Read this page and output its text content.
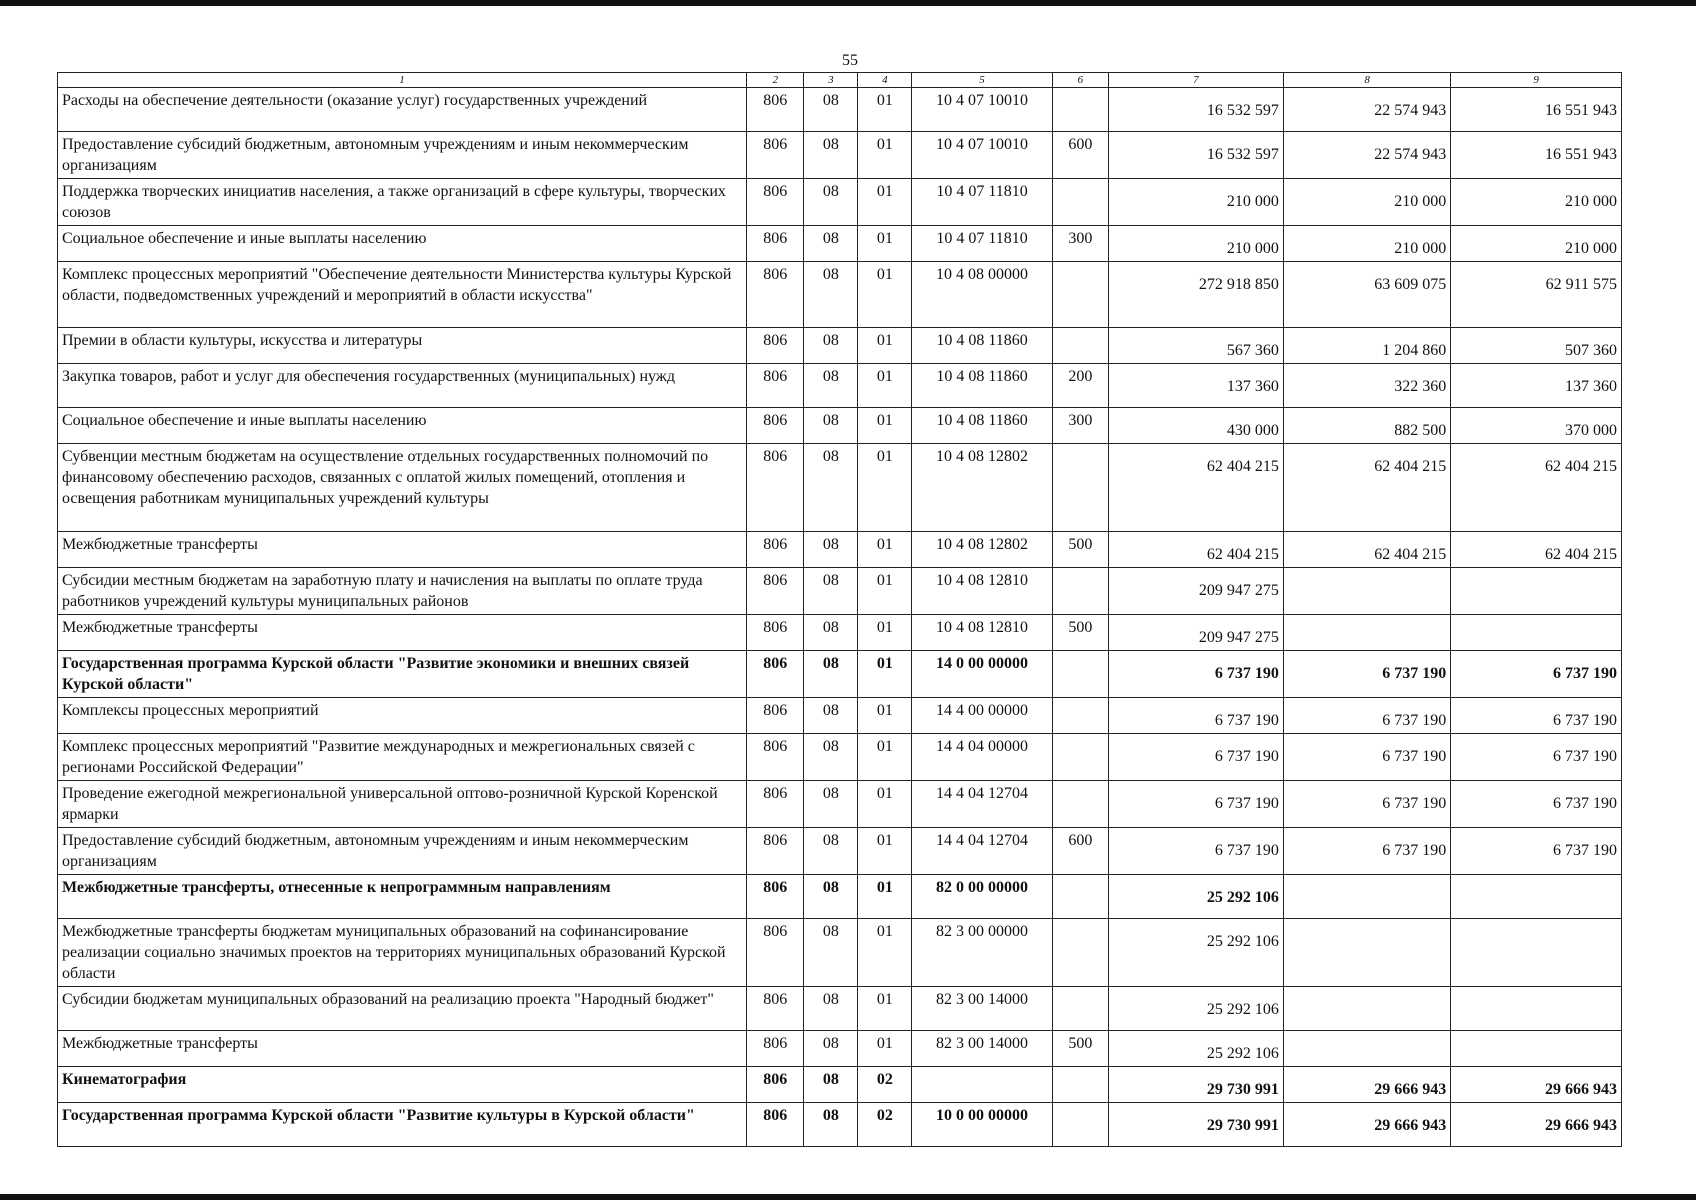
55
1	2	3	4	5	6	7	8	9
Расходы на обеспечение деятельности (оказание услуг) государственных учреждений	806	08	01	10 4 07 10010		16 532 597	22 574 943	16 551 943
Предоставление субсидий бюджетным, автономным учреждениям и иным некоммерческим организациям	806	08	01	10 4 07 10010	600	16 532 597	22 574 943	16 551 943
Поддержка творческих инициатив населения, а также организаций в сфере культуры, творческих союзов	806	08	01	10 4 07 11810		210 000	210 000	210 000
Социальное обеспечение и иные выплаты населению	806	08	01	10 4 07 11810	300	210 000	210 000	210 000
Комплекс процессных мероприятий "Обеспечение деятельности Министерства культуры Курской области, подведомственных учреждений и мероприятий в области искусства"	806	08	01	10 4 08 00000		272 918 850	63 609 075	62 911 575
Премии в области культуры, искусства и литературы	806	08	01	10 4 08 11860		567 360	1 204 860	507 360
Закупка товаров, работ и услуг для обеспечения государственных (муниципальных) нужд	806	08	01	10 4 08 11860	200	137 360	322 360	137 360
Социальное обеспечение и иные выплаты населению	806	08	01	10 4 08 11860	300	430 000	882 500	370 000
Субвенции местным бюджетам на осуществление отдельных государственных полномочий по финансовому обеспечению расходов, связанных с оплатой жилых помещений, отопления и освещения работникам муниципальных учреждений культуры	806	08	01	10 4 08 12802		62 404 215	62 404 215	62 404 215
Межбюджетные трансферты	806	08	01	10 4 08 12802	500	62 404 215	62 404 215	62 404 215
Субсидии местным бюджетам на заработную плату и начисления на выплаты по оплате труда работников учреждений культуры муниципальных районов	806	08	01	10 4 08 12810		209 947 275		
Межбюджетные трансферты	806	08	01	10 4 08 12810	500	209 947 275		
Государственная программа Курской области "Развитие экономики и внешних связей Курской области"	806	08	01	14 0 00 00000		6 737 190	6 737 190	6 737 190
Комплексы процессных мероприятий	806	08	01	14 4 00 00000		6 737 190	6 737 190	6 737 190
Комплекс процессных мероприятий "Развитие международных и межрегиональных связей с регионами Российской Федерации"	806	08	01	14 4 04 00000		6 737 190	6 737 190	6 737 190
Проведение ежегодной межрегиональной универсальной оптово-розничной Курской Коренской ярмарки	806	08	01	14 4 04 12704		6 737 190	6 737 190	6 737 190
Предоставление субсидий бюджетным, автономным учреждениям и иным некоммерческим организациям	806	08	01	14 4 04 12704	600	6 737 190	6 737 190	6 737 190
Межбюджетные трансферты, отнесенные к непрограммным направлениям	806	08	01	82 0 00 00000		25 292 106		
Межбюджетные трансферты бюджетам муниципальных образований на софинансирование реализации социально значимых проектов на территориях муниципальных образований Курской области	806	08	01	82 3 00 00000		25 292 106		
Субсидии бюджетам муниципальных образований на реализацию проекта "Народный бюджет"	806	08	01	82 3 00 14000		25 292 106		
Межбюджетные трансферты	806	08	01	82 3 00 14000	500	25 292 106		
Кинематография	806	08	02			29 730 991	29 666 943	29 666 943
Государственная программа Курской области "Развитие культуры в Курской области"	806	08	02	10 0 00 00000		29 730 991	29 666 943	29 666 943
